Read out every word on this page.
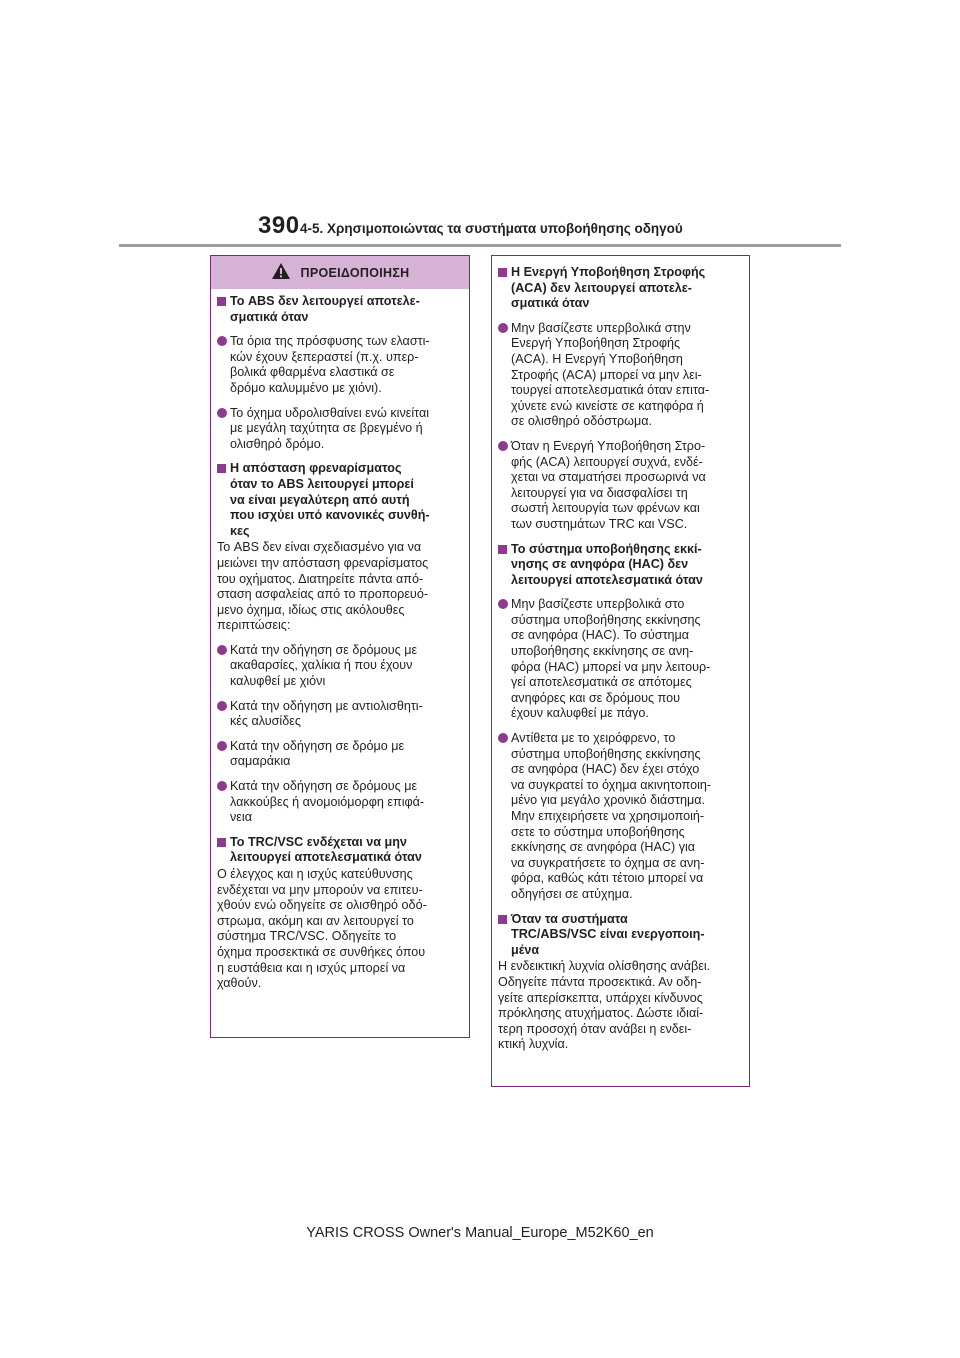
390 4-5. Χρησιμοποιώντας τα συστήματα υποβοήθησης οδηγού
ΠΡΟΕΙΔΟΠΟΙΗΣΗ
Το ABS δεν λειτουργεί αποτελε-
σματικά όταν
Τα όρια της πρόσφυσης των ελαστι-
κών έχουν ξεπεραστεί (π.χ. υπερ-
βολικά φθαρμένα ελαστικά σε
δρόμο καλυμμένο με χιόνι).
Το όχημα υδρολισθαίνει ενώ κινείται
με μεγάλη ταχύτητα σε βρεγμένο ή
ολισθηρό δρόμο.
Η απόσταση φρεναρίσματος
όταν το ABS λειτουργεί μπορεί
να είναι μεγαλύτερη από αυτή
που ισχύει υπό κανονικές συνθή-
κες
Το ABS δεν είναι σχεδιασμένο για να
μειώνει την απόσταση φρεναρίσματος
του οχήματος. Διατηρείτε πάντα από-
σταση ασφαλείας από το προπορευό-
μενο όχημα, ιδίως στις ακόλουθες
περιπτώσεις:
Κατά την οδήγηση σε δρόμους με
ακαθαρσίες, χαλίκια ή που έχουν
καλυφθεί με χιόνι
Κατά την οδήγηση με αντιολισθητι-
κές αλυσίδες
Κατά την οδήγηση σε δρόμο με
σαμαράκια
Κατά την οδήγηση σε δρόμους με
λακκούβες ή ανομοιόμορφη επιφά-
νεια
Το TRC/VSC ενδέχεται να μην
λειτουργεί αποτελεσματικά όταν
Ο έλεγχος και η ισχύς κατεύθυνσης
ενδέχεται να μην μπορούν να επιτευ-
χθούν ενώ οδηγείτε σε ολισθηρό οδό-
στρωμα, ακόμη και αν λειτουργεί το
σύστημα TRC/VSC. Οδηγείτε το
όχημα προσεκτικά σε συνθήκες όπου
η ευστάθεια και η ισχύς μπορεί να
χαθούν.
Η Ενεργή Υποβοήθηση Στροφής
(ACA) δεν λειτουργεί αποτελε-
σματικά όταν
Μην βασίζεστε υπερβολικά στην
Ενεργή Υποβοήθηση Στροφής
(ACA). Η Ενεργή Υποβοήθηση
Στροφής (ACA) μπορεί να μην λει-
τουργεί αποτελεσματικά όταν επιτα-
χύνετε ενώ κινείστε σε κατηφόρα ή
σε ολισθηρό οδόστρωμα.
Όταν η Ενεργή Υποβοήθηση Στρο-
φής (ACA) λειτουργεί συχνά, ενδέ-
χεται να σταματήσει προσωρινά να
λειτουργεί για να διασφαλίσει τη
σωστή λειτουργία των φρένων και
των συστημάτων TRC και VSC.
Το σύστημα υποβοήθησης εκκί-
νησης σε ανηφόρα (HAC) δεν
λειτουργεί αποτελεσματικά όταν
Μην βασίζεστε υπερβολικά στο
σύστημα υποβοήθησης εκκίνησης
σε ανηφόρα (HAC). Το σύστημα
υποβοήθησης εκκίνησης σε ανη-
φόρα (HAC) μπορεί να μην λειτουρ-
γεί αποτελεσματικά σε απότομες
ανηφόρες και σε δρόμους που
έχουν καλυφθεί με πάγο.
Αντίθετα με το χειρόφρενο, το
σύστημα υποβοήθησης εκκίνησης
σε ανηφόρα (HAC) δεν έχει στόχο
να συγκρατεί το όχημα ακινητοποιη-
μένο για μεγάλο χρονικό διάστημα.
Μην επιχειρήσετε να χρησιμοποιή-
σετε το σύστημα υποβοήθησης
εκκίνησης σε ανηφόρα (HAC) για
να συγκρατήσετε το όχημα σε ανη-
φόρα, καθώς κάτι τέτοιο μπορεί να
οδηγήσει σε ατύχημα.
Όταν τα συστήματα
TRC/ABS/VSC είναι ενεργοποιη-
μένα
Η ενδεικτική λυχνία ολίσθησης ανάβει.
Οδηγείτε πάντα προσεκτικά. Αν οδη-
γείτε απερίσκεπτα, υπάρχει κίνδυνος
πρόκλησης ατυχήματος. Δώστε ιδιαί-
τερη προσοχή όταν ανάβει η ενδει-
κτική λυχνία.
YARIS CROSS Owner's Manual_Europe_M52K60_en
